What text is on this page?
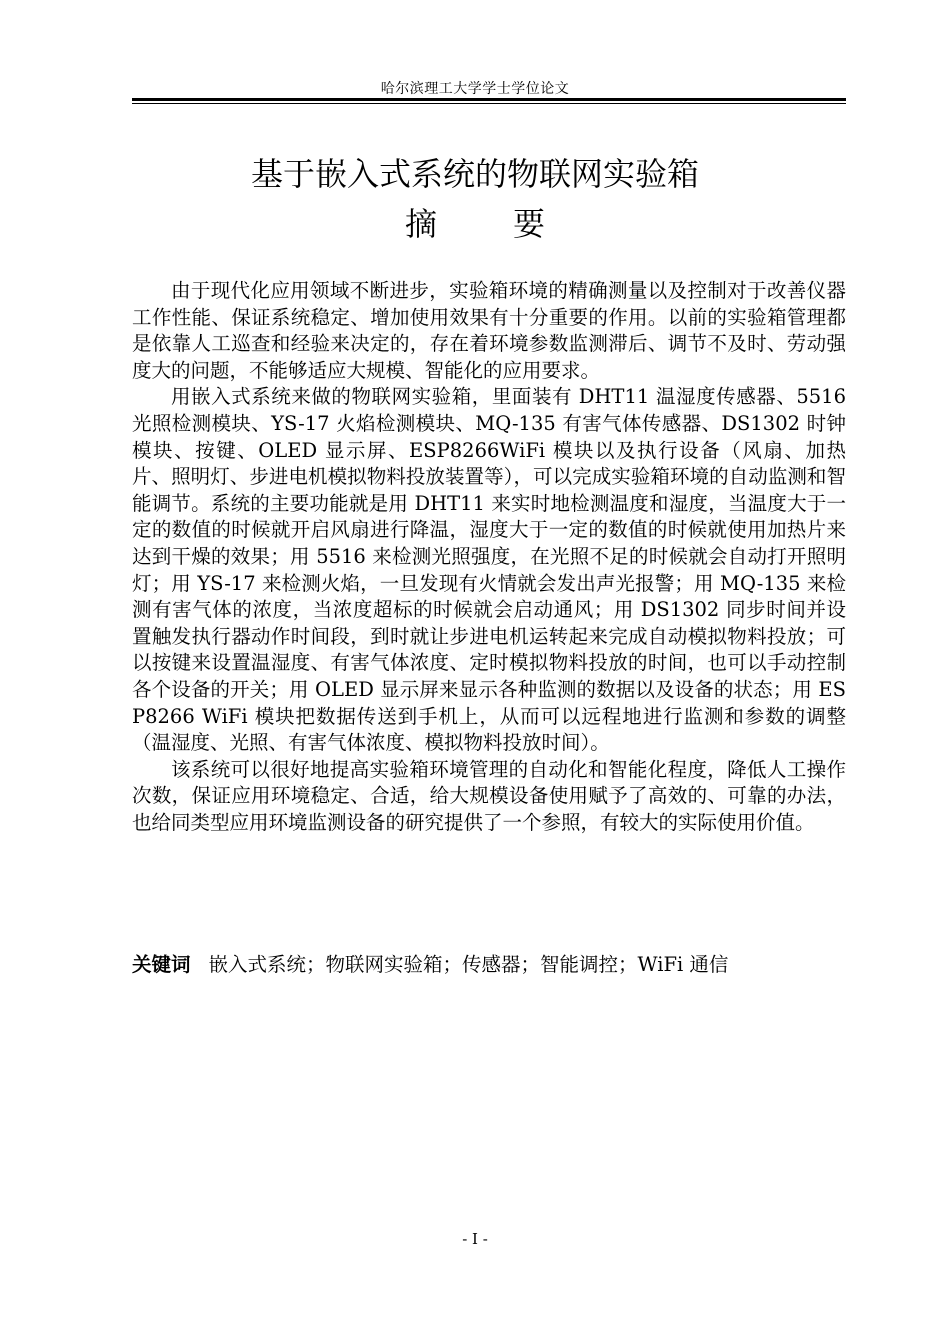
哈尔滨理工大学学士学位论文
基于嵌入式系统的物联网实验箱
摘 要

由于现代化应用领域不断进步，实验箱环境的精确测量以及控制对于改善仪器工作性能、保证系统稳定、增加使用效果有十分重要的作用。以前的实验箱管理都是依靠人工巡查和经验来决定的，存在着环境参数监测滞后、调节不及时、劳动强度大的问题，不能够适应大规模、智能化的应用要求。

用嵌入式系统来做的物联网实验箱，里面装有 DHT11 温湿度传感器、5516 光照检测模块、YS-17 火焰检测模块、MQ-135 有害气体传感器、DS1302 时钟模块、按键、OLED 显示屏、ESP8266WiFi 模块以及执行设备（风扇、加热片、照明灯、步进电机模拟物料投放装置等），可以完成实验箱环境的自动监测和智能调节。系统的主要功能就是用 DHT11 来实时地检测温度和湿度，当温度大于一定的数值的时候就开启风扇进行降温，湿度大于一定的数值的时候就使用加热片来达到干燥的效果；用 5516 来检测光照强度，在光照不足的时候就会自动打开照明灯；用 YS-17 来检测火焰，一旦发现有火情就会发出声光报警；用 MQ-135 来检测有害气体的浓度，当浓度超标的时候就会启动通风；用 DS1302 同步时间并设置触发执行器动作时间段，到时就让步进电机运转起来完成自动模拟物料投放；可以按键来设置温湿度、有害气体浓度、定时模拟物料投放的时间，也可以手动控制各个设备的开关；用 OLED 显示屏来显示各种监测的数据以及设备的状态；用 ESP8266 WiFi 模块把数据传送到手机上，从而可以远程地进行监测和参数的调整（温湿度、光照、有害气体浓度、模拟物料投放时间）。

该系统可以很好地提高实验箱环境管理的自动化和智能化程度，降低人工操作次数，保证应用环境稳定、合适，给大规模设备使用赋予了高效的、可靠的办法，也给同类型应用环境监测设备的研究提供了一个参照，有较大的实际使用价值。

关键词 嵌入式系统；物联网实验箱；传感器；智能调控；WiFi 通信
- I -
